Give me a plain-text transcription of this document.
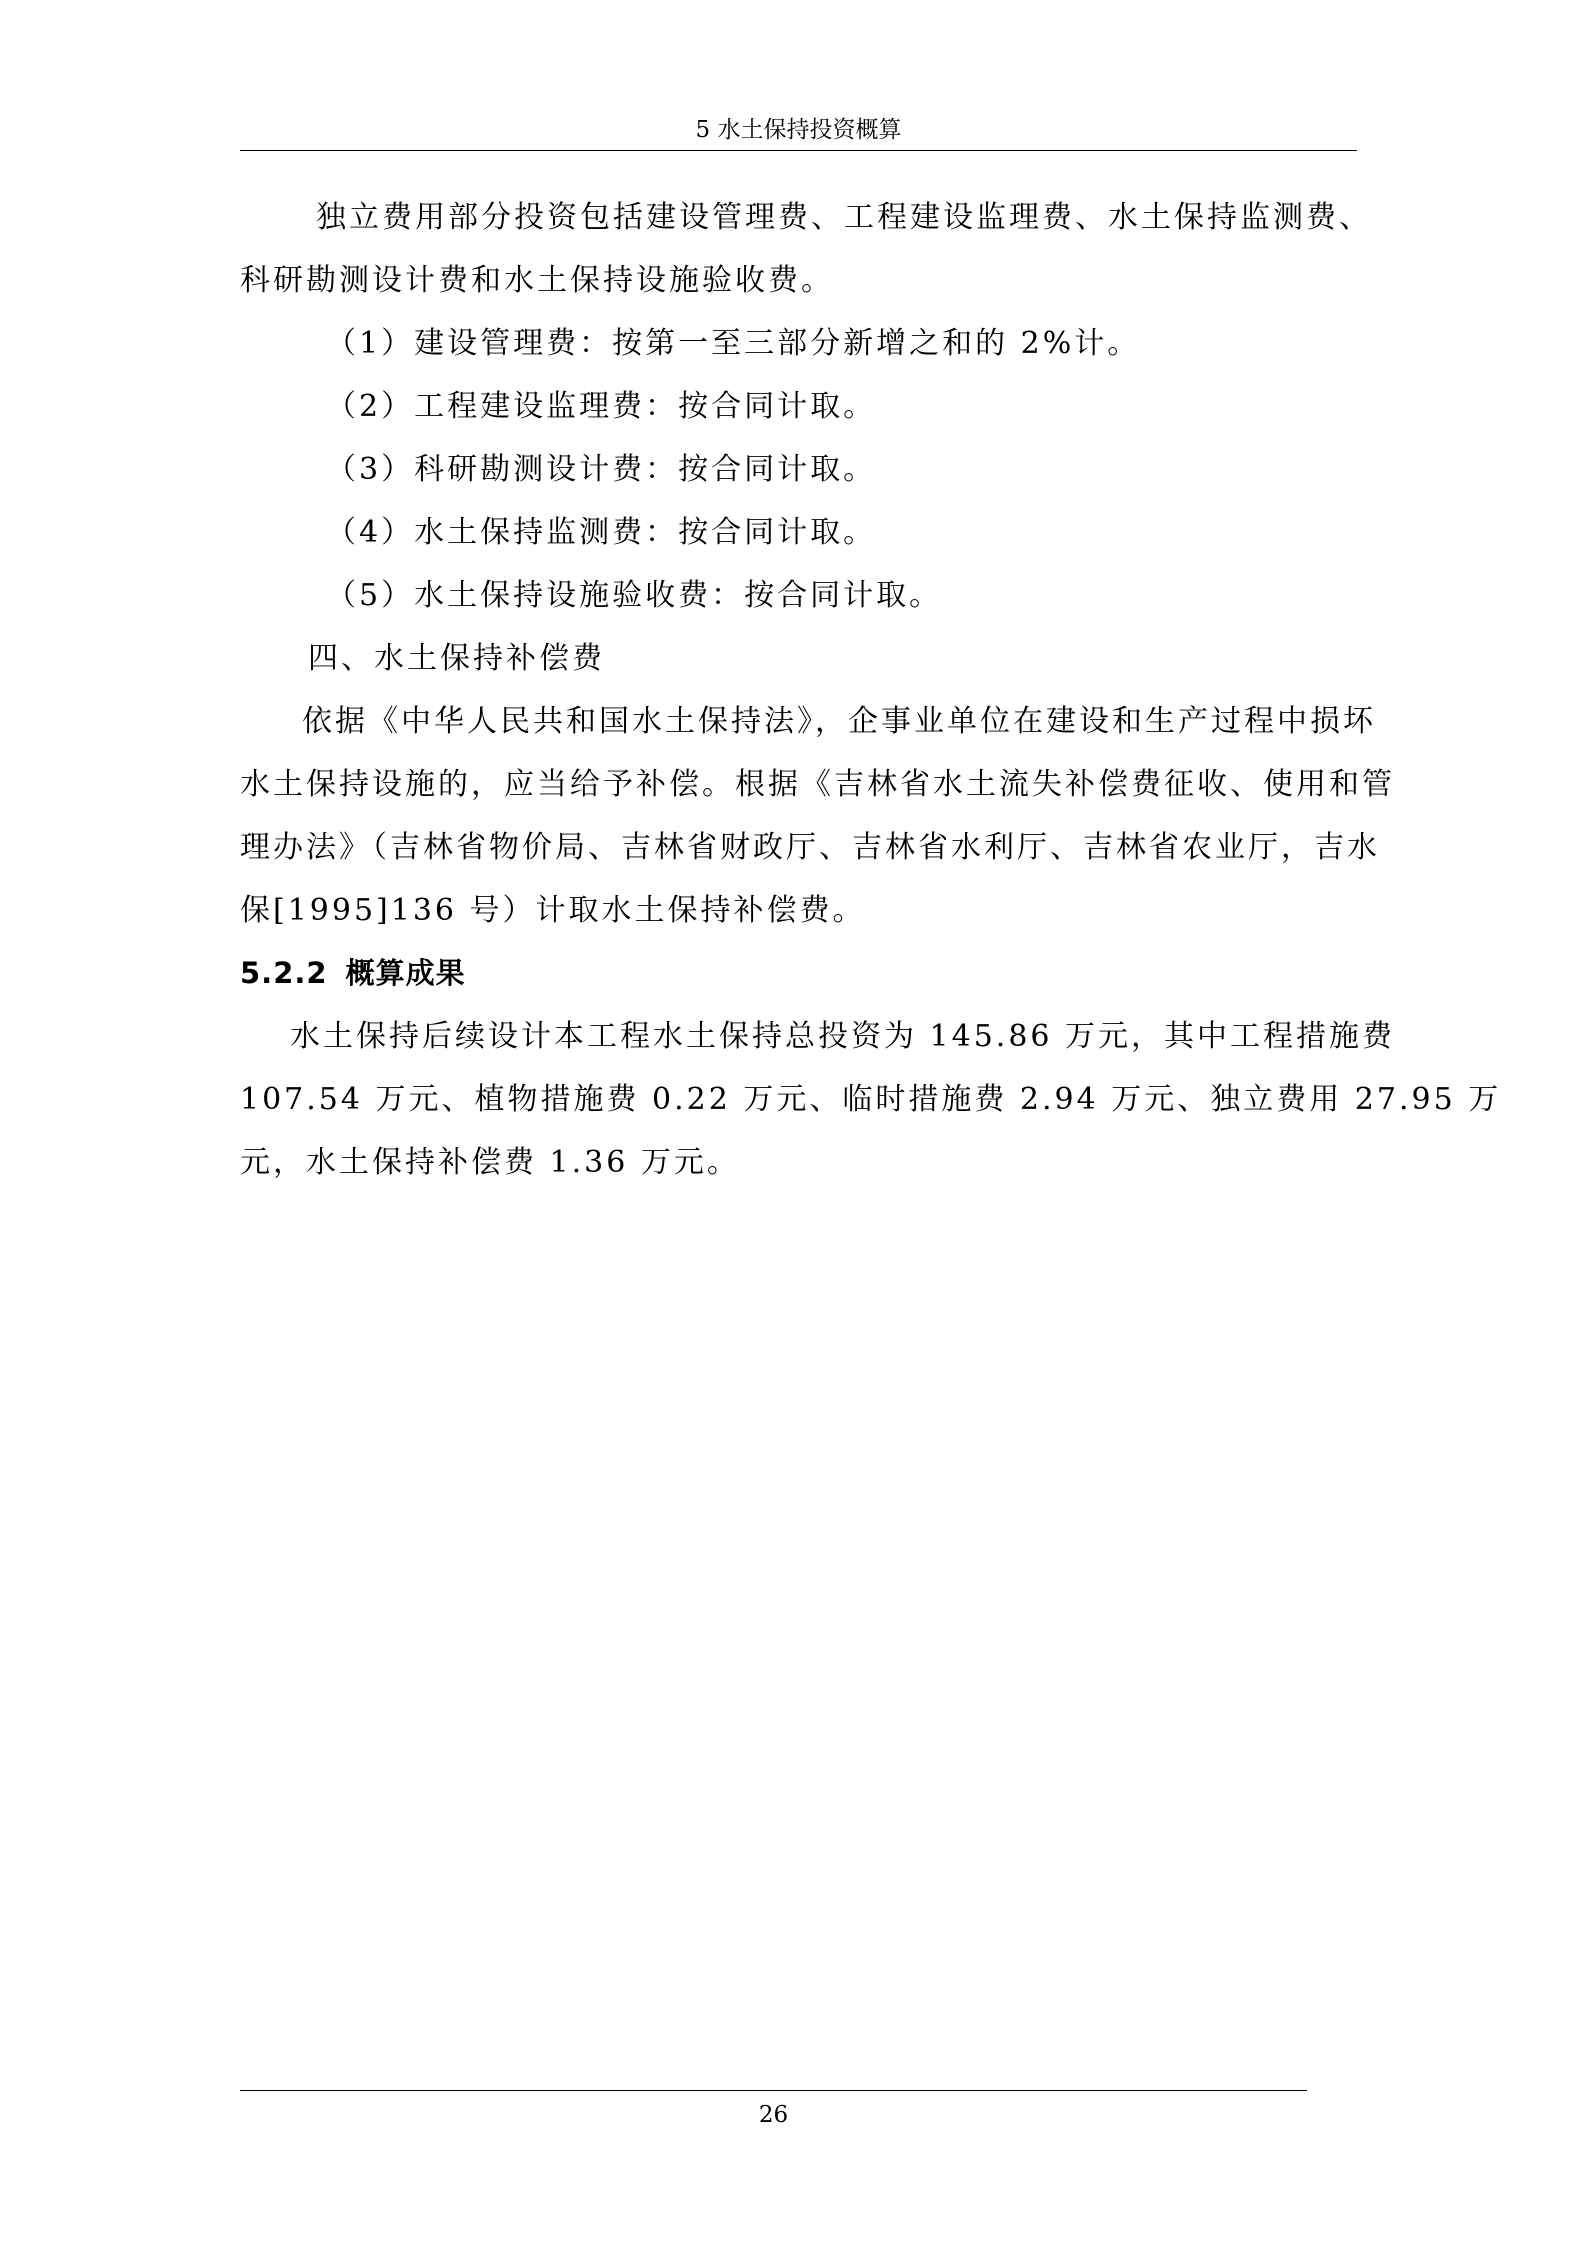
5 水土保持投资概算

独立费用部分投资包括建设管理费、工程建设监理费、水土保持监测费、

科研勘测设计费和水土保持设施验收费。

（1）建设管理费：按第一至三部分新增之和的 2%计。

（2）工程建设监理费：按合同计取。

（3）科研勘测设计费：按合同计取。

（4）水土保持监测费：按合同计取。

（5）水土保持设施验收费：按合同计取。

四、水土保持补偿费

依据《中华人民共和国水土保持法》，企事业单位在建设和生产过程中损坏

水土保持设施的，应当给予补偿。根据《吉林省水土流失补偿费征收、使用和管

理办法》（吉林省物价局、吉林省财政厅、吉林省水利厅、吉林省农业厅，吉水

保[1995]136 号）计取水土保持补偿费。

5.2.2 概算成果

水土保持后续设计本工程水土保持总投资为 145.86 万元，其中工程措施费

107.54 万元、植物措施费 0.22 万元、临时措施费 2.94 万元、独立费用 27.95 万

元，水土保持补偿费 1.36 万元。

26
